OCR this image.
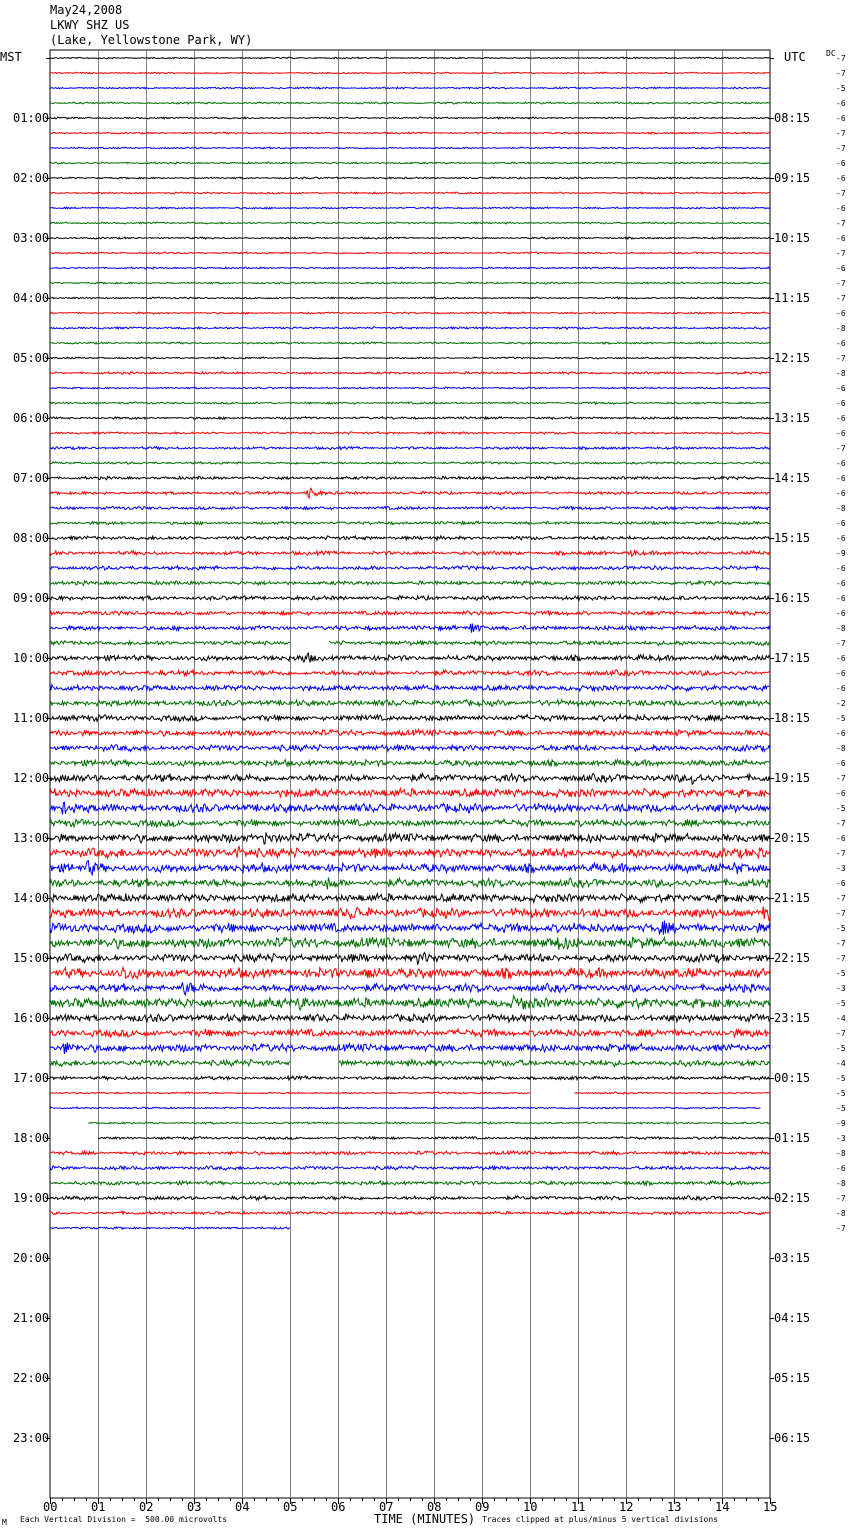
May24,2008
LKWY SHZ US
(Lake, Yellowstone Park, WY)
MST	UTC	DC
01:00
02:00
03:00
04:00
05:00
06:00
07:00
08:00
09:00
10:00
11:00
12:00
13:00
14:00
15:00
16:00
17:00
18:00
19:00
20:00
21:00
22:00
23:00
08:15
09:15
10:15
11:15
12:15
13:15
14:15
15:15
16:15
17:15
18:15
19:15
20:15
21:15
22:15
23:15
00:15
01:15
02:15
03:15
04:15
05:15
06:15
-7
-7
-5
-6
-6
-7
-7
-6
-6
-7
-6
-7
-6
-7
-6
-7
-7
-6
-8
-6
-7
-8
-6
-6
-6
-6
-7
-6
-6
-6
-8
-6
-6
-9
-6
-6
-6
-6
-8
-7
-6
-6
-6
-2
-5
-6
-8
-6
-7
-6
-5
-7
-6
-7
-3
-6
-7
-7
-5
-7
-7
-5
-3
-5
-4
-7
-5
-4
-5
-5
-5
-9
-3
-8
-6
-8
-7
-8
-7
00	01	02	03	04	05	06	07	08	09	10	11	12	13	14	15
M Each Vertical Division =  500.00 microvolts	TIME (MINUTES) Traces clipped at plus/minus 5 vertical divisions
